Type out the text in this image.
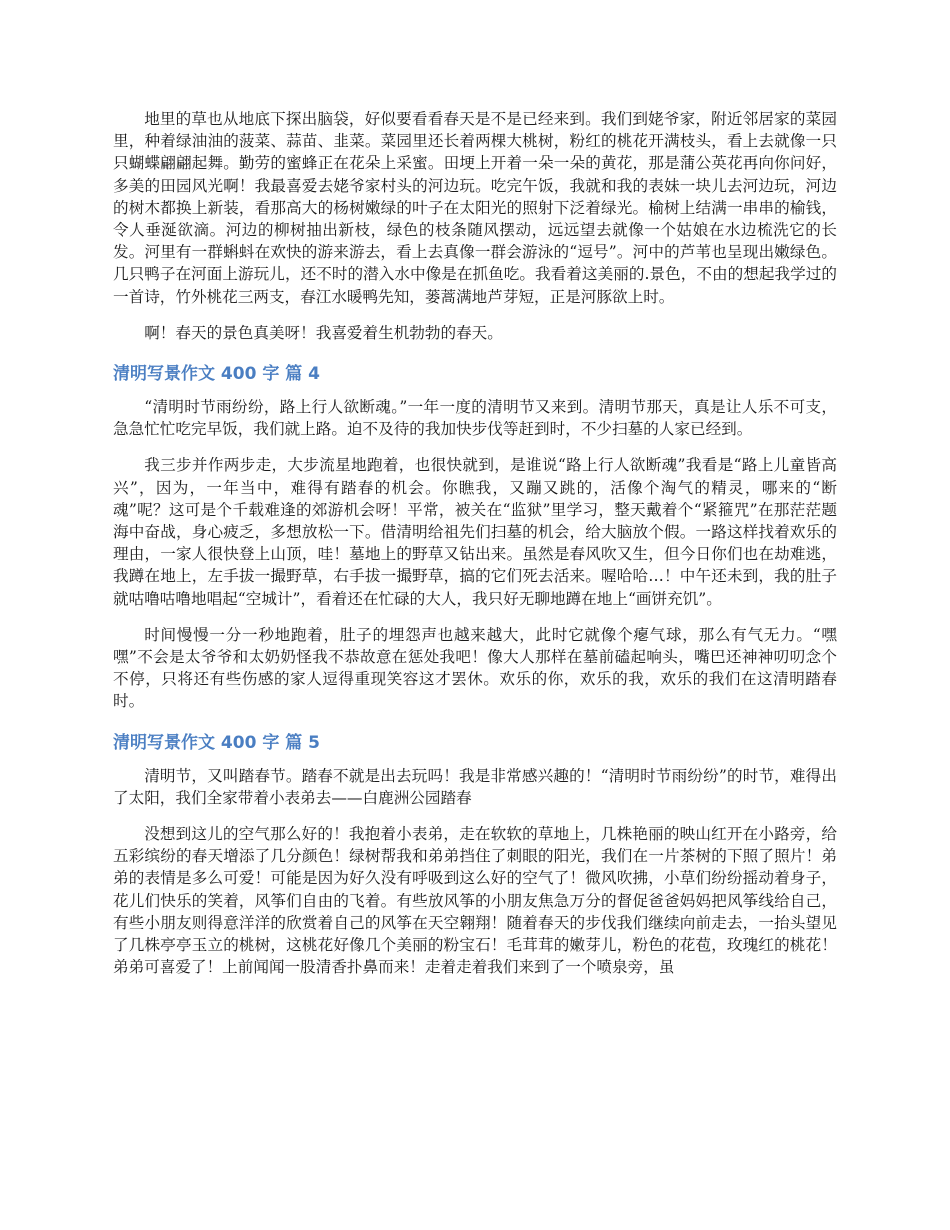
地里的草也从地底下探出脑袋，好似要看看春天是不是已经来到。我们到姥爷家，附近邻居家的菜园里，种着绿油油的菠菜、蒜苗、韭菜。菜园里还长着两棵大桃树，粉红的桃花开满枝头，看上去就像一只只蝴蝶翩翩起舞。勤劳的蜜蜂正在花朵上采蜜。田埂上开着一朵一朵的黄花，那是蒲公英花再向你问好，多美的田园风光啊！我最喜爱去姥爷家村头的河边玩。吃完午饭，我就和我的表妹一块儿去河边玩，河边的树木都换上新装，看那高大的杨树嫩绿的叶子在太阳光的照射下泛着绿光。榆树上结满一串串的榆钱，令人垂涎欲滴。河边的柳树抽出新枝，绿色的枝条随风摆动，远远望去就像一个姑娘在水边梳洗它的长发。河里有一群蝌蚪在欢快的游来游去，看上去真像一群会游泳的“逗号”。河中的芦苇也呈现出嫩绿色。几只鸭子在河面上游玩儿，还不时的潜入水中像是在抓鱼吃。我看着这美丽的.景色，不由的想起我学过的一首诗，竹外桃花三两支，春江水暖鸭先知，蒌蒿满地芦芽短，正是河豚欲上时。

啊！春天的景色真美呀！我喜爱着生机勃勃的春天。

清明写景作文 400 字 篇 4

“清明时节雨纷纷，路上行人欲断魂。”一年一度的清明节又来到。清明节那天，真是让人乐不可支，急急忙忙吃完早饭，我们就上路。迫不及待的我加快步伐等赶到时，不少扫墓的人家已经到。

我三步并作两步走，大步流星地跑着，也很快就到，是谁说“路上行人欲断魂”我看是“路上儿童皆高兴”，因为，一年当中，难得有踏春的机会。你瞧我，又蹦又跳的，活像个淘气的精灵，哪来的“断魂”呢？这可是个千载难逢的郊游机会呀！平常，被关在“监狱”里学习，整天戴着个“紧箍咒”在那茫茫题海中奋战，身心疲乏，多想放松一下。借清明给祖先们扫墓的机会，给大脑放个假。一路这样找着欢乐的理由，一家人很快登上山顶，哇！墓地上的野草又钻出来。虽然是春风吹又生，但今日你们也在劫难逃，我蹲在地上，左手拔一撮野草，右手拔一撮野草，搞的它们死去活来。喔哈哈…！中午还未到，我的肚子就咕噜咕噜地唱起“空城计”，看着还在忙碌的大人，我只好无聊地蹲在地上“画饼充饥”。

时间慢慢一分一秒地跑着，肚子的埋怨声也越来越大，此时它就像个瘪气球，那么有气无力。“嘿嘿”不会是太爷爷和太奶奶怪我不恭故意在惩处我吧！像大人那样在墓前磕起响头，嘴巴还神神叨叨念个不停，只将还有些伤感的家人逗得重现笑容这才罢休。欢乐的你，欢乐的我，欢乐的我们在这清明踏春时。

清明写景作文 400 字 篇 5

清明节，又叫踏春节。踏春不就是出去玩吗！我是非常感兴趣的！“清明时节雨纷纷”的时节，难得出了太阳，我们全家带着小表弟去——白鹿洲公园踏春

没想到这儿的空气那么好的！我抱着小表弟，走在软软的草地上，几株艳丽的映山红开在小路旁，给五彩缤纷的春天增添了几分颜色！绿树帮我和弟弟挡住了刺眼的阳光，我们在一片茶树的下照了照片！弟弟的表情是多么可爱！可能是因为好久没有呼吸到这么好的空气了！微风吹拂，小草们纷纷摇动着身子，花儿们快乐的笑着，风筝们自由的飞着。有些放风筝的小朋友焦急万分的督促爸爸妈妈把风筝线给自己，有些小朋友则得意洋洋的欣赏着自己的风筝在天空翱翔！随着春天的步伐我们继续向前走去，一抬头望见了几株亭亭玉立的桃树，这桃花好像几个美丽的粉宝石！毛茸茸的嫩芽儿，粉色的花苞，玫瑰红的桃花！弟弟可喜爱了！上前闻闻一股清香扑鼻而来！走着走着我们来到了一个喷泉旁，虽
